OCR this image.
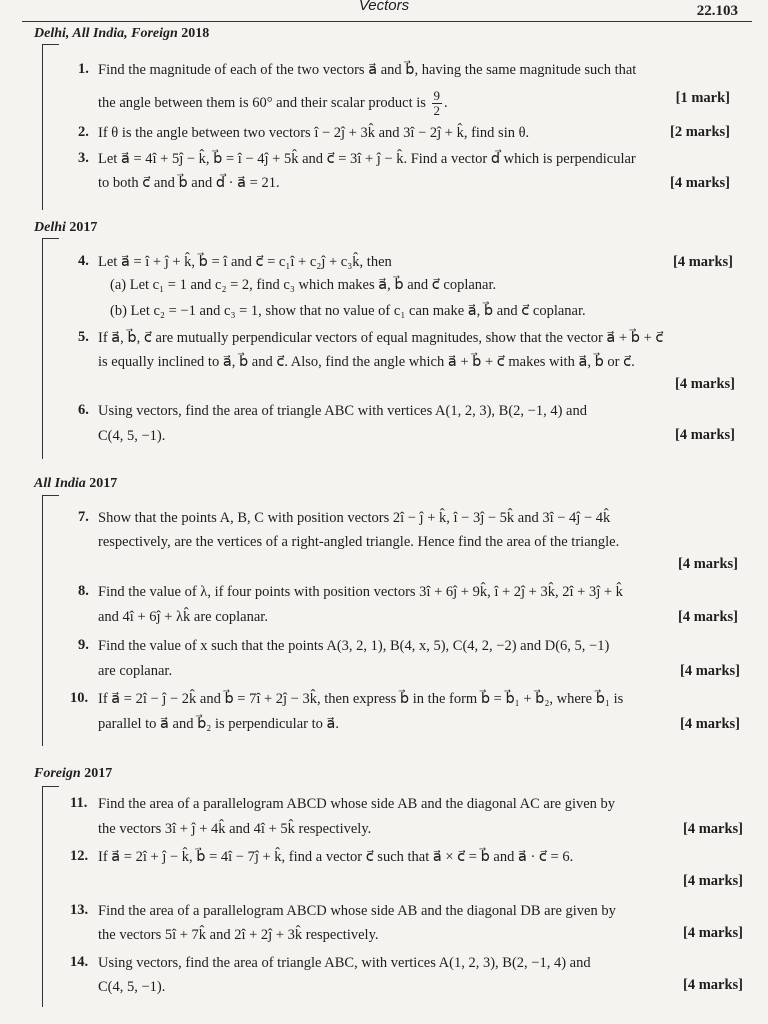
Vectors	22.103
Delhi, All India, Foreign 2018
1. Find the magnitude of each of the two vectors a⃗ and b⃗, having the same magnitude such that
the angle between them is 60° and their scalar product is $\frac{9}{2}$ .	[1 mark]
2. If θ is the angle between two vectors î − 2ĵ + 3k̂ and 3î − 2ĵ + k̂, find sin θ.	[2 marks]
3. Let a⃗ = 4î + 5ĵ − k̂, b⃗ = î − 4ĵ + 5k̂ and c⃗ = 3î + ĵ − k̂. Find a vector d⃗ which is perpendicular
to both c⃗ and b⃗ and d⃗ · a⃗ = 21.	[4 marks]
Delhi 2017
4. Let a⃗ = î + ĵ + k̂, b⃗ = î and c⃗ = c₁î + c₂ĵ + c₃k̂, then	[4 marks]
(a) Let c₁ = 1 and c₂ = 2, find c₃ which makes a⃗, b⃗ and c⃗ coplanar.
(b) Let c₂ = −1 and c₃ = 1, show that no value of c₁ can make a⃗, b⃗ and c⃗ coplanar.
5. If a⃗, b⃗, c⃗ are mutually perpendicular vectors of equal magnitudes, show that the vector a⃗ + b⃗ + c⃗
is equally inclined to a⃗, b⃗ and c⃗. Also, find the angle which a⃗ + b⃗ + c⃗ makes with a⃗, b⃗ or c⃗.
[4 marks]
6. Using vectors, find the area of triangle ABC with vertices A(1, 2, 3), B(2, −1, 4) and
C(4, 5, −1).	[4 marks]
All India 2017
7. Show that the points A, B, C with position vectors 2î − ĵ + k̂, î − 3ĵ − 5k̂ and 3î − 4ĵ − 4k̂
respectively, are the vertices of a right-angled triangle. Hence find the area of the triangle.
[4 marks]
8. Find the value of λ, if four points with position vectors 3î + 6ĵ + 9k̂, î + 2ĵ + 3k̂, 2î + 3ĵ + k̂
and 4î + 6ĵ + λk̂ are coplanar.	[4 marks]
9. Find the value of x such that the points A(3, 2, 1), B(4, x, 5), C(4, 2, −2) and D(6, 5, −1)
are coplanar.	[4 marks]
10. If a⃗ = 2î − ĵ − 2k̂ and b⃗ = 7î + 2ĵ − 3k̂, then express b⃗ in the form b⃗ = b⃗₁ + b⃗₂, where b⃗₁ is
parallel to a⃗ and b⃗₂ is perpendicular to a⃗.	[4 marks]
Foreign 2017
11. Find the area of a parallelogram ABCD whose side AB and the diagonal AC are given by
the vectors 3î + ĵ + 4k̂ and 4î + 5k̂ respectively.	[4 marks]
12. If a⃗ = 2î + ĵ − k̂, b⃗ = 4î − 7ĵ + k̂, find a vector c⃗ such that a⃗ × c⃗ = b⃗ and a⃗ · c⃗ = 6.
[4 marks]
13. Find the area of a parallelogram ABCD whose side AB and the diagonal DB are given by
the vectors 5î + 7k̂ and 2î + 2ĵ + 3k̂ respectively.	[4 marks]
14. Using vectors, find the area of triangle ABC, with vertices A(1, 2, 3), B(2, −1, 4) and
C(4, 5, −1).	[4 marks]
